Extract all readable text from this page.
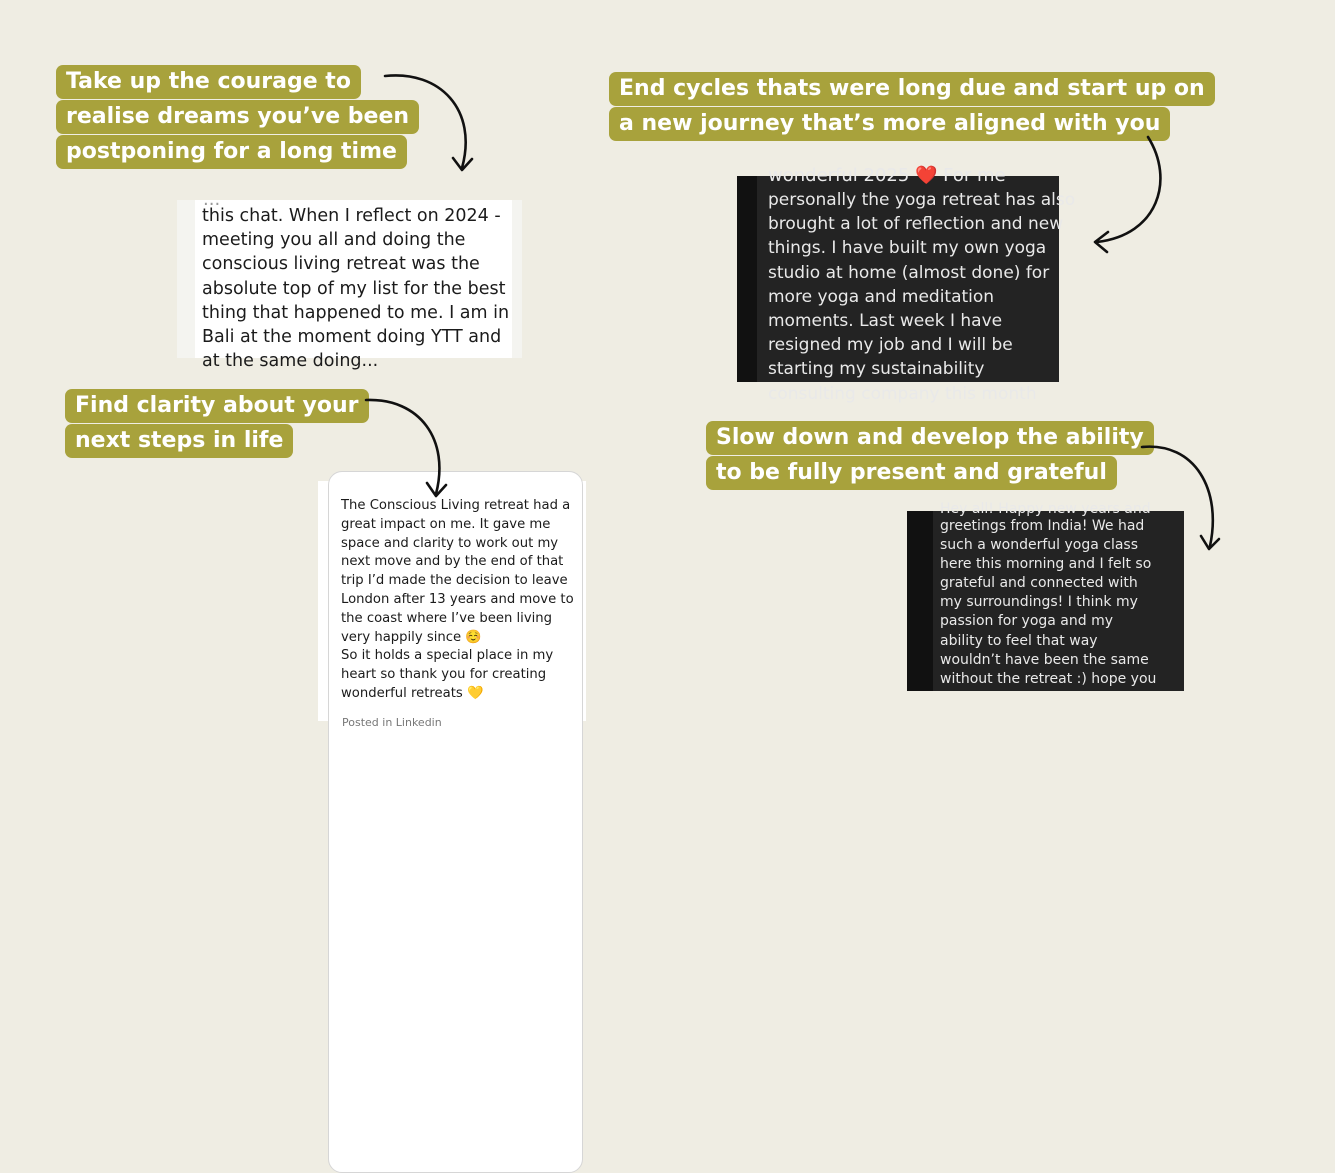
Take up the courage to
realise dreams you’ve been
postponing for a long time
...
this chat. When I reflect on 2024 -
meeting you all and doing the
conscious living retreat was the
absolute top of my list for the best
thing that happened to me. I am in
Bali at the moment doing YTT and
at the same doing...
End cycles thats were long due and start up on
a new journey that’s more aligned with you
wonderful 2025 ❤️ For me
personally the yoga retreat has also
brought a lot of reflection and new
things. I have built my own yoga
studio at home (almost done) for
more yoga and meditation
moments. Last week I have
resigned my job and I will be
starting my sustainability
consulting company this month
Find clarity about your
next steps in life
The Conscious Living retreat had a
great impact on me. It gave me
space and clarity to work out my
next move and by the end of that
trip I’d made the decision to leave
London after 13 years and move to
the coast where I’ve been living
very happily since ☺️
So it holds a special place in my
heart so thank you for creating
wonderful retreats 💛
Posted in Linkedin
Slow down and develop the ability
to be fully present and grateful
Hey all! Happy new years and
greetings from India! We had
such a wonderful yoga class
here this morning and I felt so
grateful and connected with
my surroundings! I think my
passion for yoga and my
ability to feel that way
wouldn’t have been the same
without the retreat :) hope you
